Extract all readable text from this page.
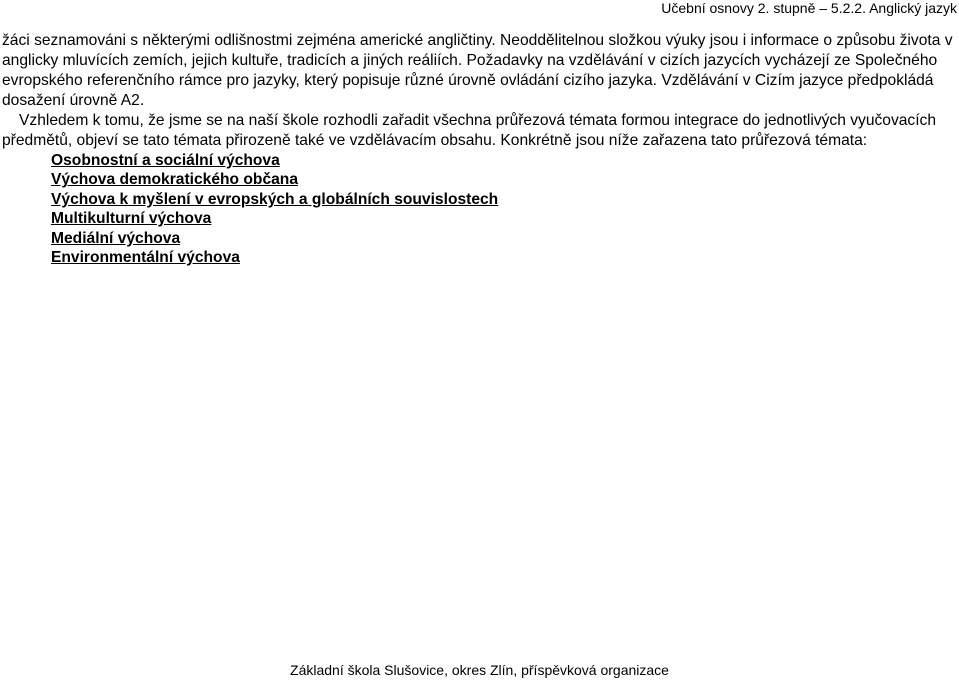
Učební osnovy 2. stupně – 5.2.2. Anglický jazyk

žáci seznamováni s některými odlišnostmi zejména americké angličtiny. Neoddělitelnou složkou výuky jsou i informace o způsobu života v anglicky mluvících zemích, jejich kultuře, tradicích a jiných reáliích. Požadavky na vzdělávání v cizích jazycích vycházejí ze Společného evropského referenčního rámce pro jazyky, který popisuje různé úrovně ovládání cizího jazyka. Vzdělávání v Cizím jazyce předpokládá dosažení úrovně A2.

Vzhledem k tomu, že jsme se na naší škole rozhodli zařadit všechna průřezová témata formou integrace do jednotlivých vyučovacích předmětů, objeví se tato témata přirozeně také ve vzdělávacím obsahu. Konkrétně jsou níže zařazena tato průřezová témata:

Osobnostní a sociální výchova
Výchova demokratického občana
Výchova k myšlení v evropských a globálních souvislostech
Multikulturní výchova
Mediální výchova
Environmentální výchova
Základní škola Slušovice, okres Zlín, příspěvková organizace
